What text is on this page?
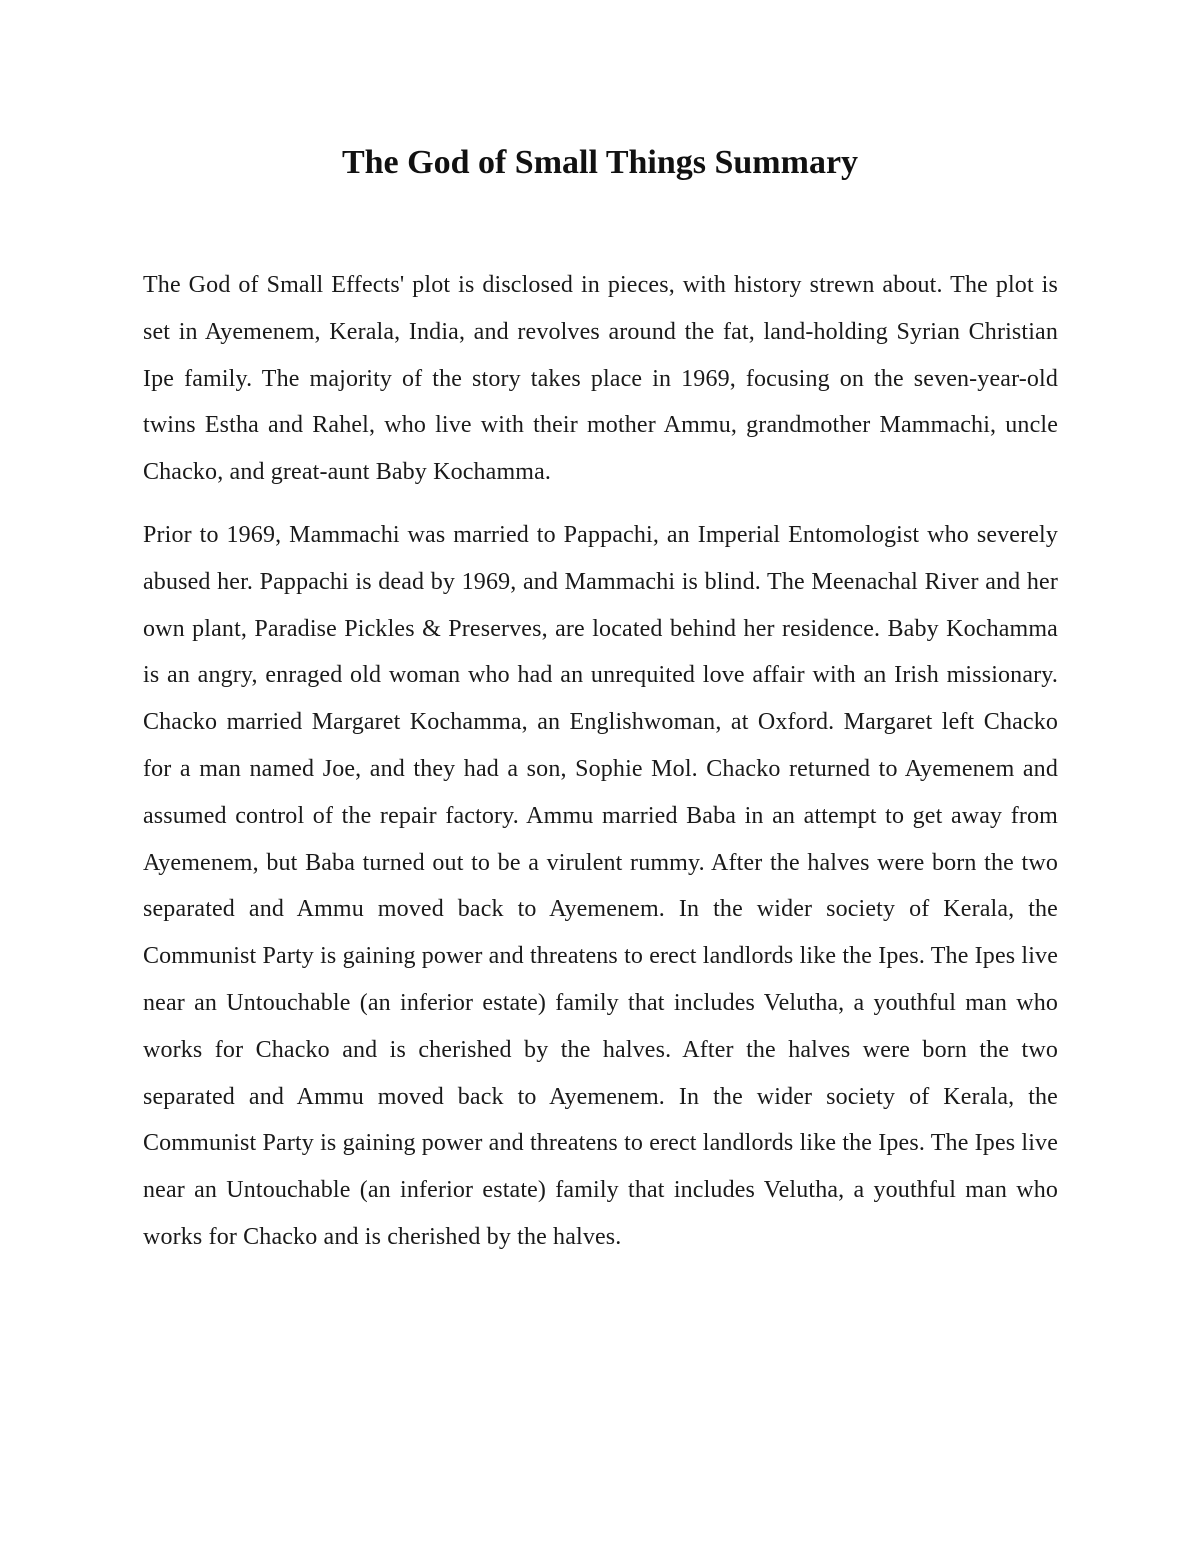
The God of Small Things Summary

The God of Small Effects' plot is disclosed in pieces, with history strewn about. The plot is set in Ayemenem, Kerala, India, and revolves around the fat, land-holding Syrian Christian Ipe family. The majority of the story takes place in 1969, focusing on the seven-year-old twins Estha and Rahel, who live with their mother Ammu, grandmother Mammachi, uncle Chacko, and great-aunt Baby Kochamma.

Prior to 1969, Mammachi was married to Pappachi, an Imperial Entomologist who severely abused her. Pappachi is dead by 1969, and Mammachi is blind. The Meenachal River and her own plant, Paradise Pickles & Preserves, are located behind her residence. Baby Kochamma is an angry, enraged old woman who had an unrequited love affair with an Irish missionary. Chacko married Margaret Kochamma, an Englishwoman, at Oxford. Margaret left Chacko for a man named Joe, and they had a son, Sophie Mol. Chacko returned to Ayemenem and assumed control of the repair factory. Ammu married Baba in an attempt to get away from Ayemenem, but Baba turned out to be a virulent rummy. After the halves were born the two separated and Ammu moved back to Ayemenem. In the wider society of Kerala, the Communist Party is gaining power and threatens to erect landlords like the Ipes. The Ipes live near an Untouchable (an inferior estate) family that includes Velutha, a youthful man who works for Chacko and is cherished by the halves. After the halves were born the two separated and Ammu moved back to Ayemenem. In the wider society of Kerala, the Communist Party is gaining power and threatens to erect landlords like the Ipes. The Ipes live near an Untouchable (an inferior estate) family that includes Velutha, a youthful man who works for Chacko and is cherished by the halves.
